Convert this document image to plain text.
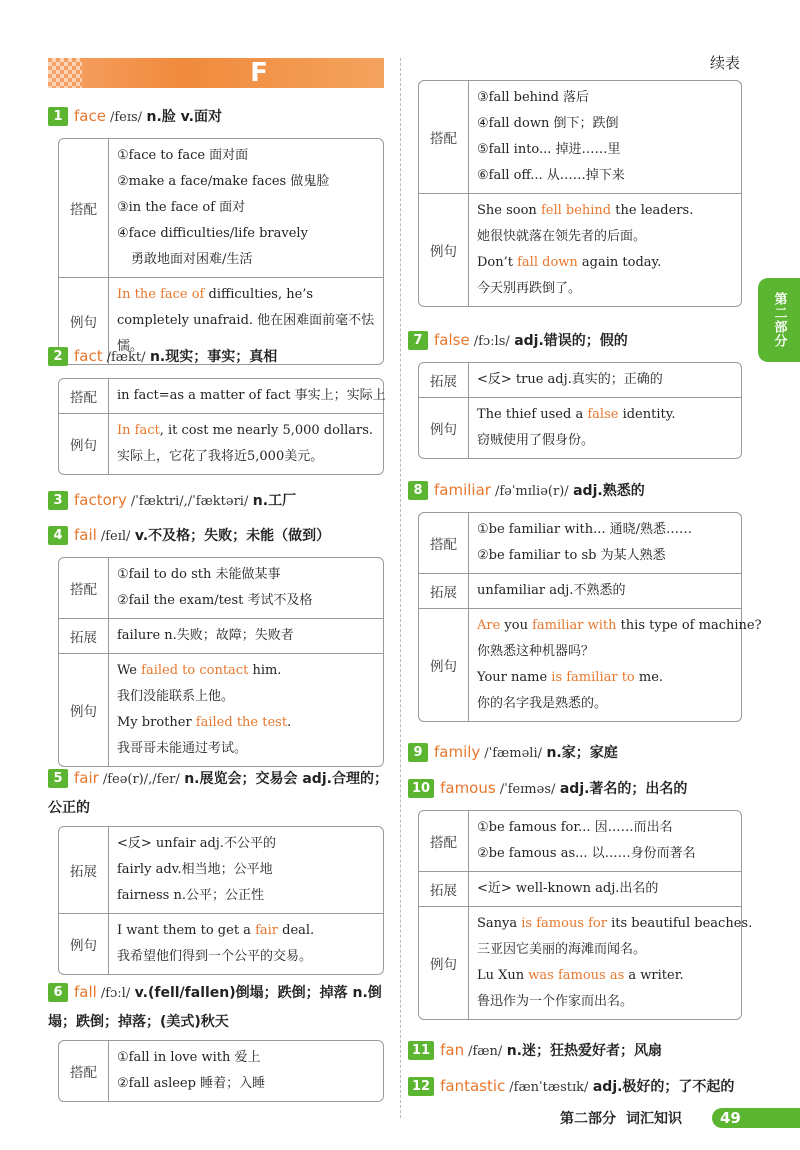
F
1 face /feɪs/ n.脸 v.面对
搭配
①face to face 面对面
②make a face/make faces 做鬼脸
③in the face of 面对
④face difficulties/life bravely
勇敢地面对困难/生活
例句
In the face of difficulties, he’s completely unafraid. 他在困难面前毫不怯懦。
2 fact /fækt/ n.现实；事实；真相
搭配	in fact=as a matter of fact 事实上；实际上
例句
In fact, it cost me nearly 5,000 dollars.
实际上，它花了我将近5,000美元。
3 factory /ˈfæktri/,/ˈfæktəri/ n.工厂
4 fail /feɪl/ v.不及格；失败；未能（做到）
搭配
①fail to do sth 未能做某事
②fail the exam/test 考试不及格
拓展	failure n.失败；故障；失败者
例句
We failed to contact him.
我们没能联系上他。
My brother failed the test.
我哥哥未能通过考试。
5 fair /feə(r)/,/fer/ n.展览会；交易会 adj.合理的；公正的
拓展
<反> unfair adj.不公平的
fairly adv.相当地；公平地
fairness n.公平；公正性
例句
I want them to get a fair deal.
我希望他们得到一个公平的交易。
6 fall /fɔːl/ v.(fell/fallen)倒塌；跌倒；掉落 n.倒塌；跌倒；掉落；(美式)秋天
搭配
①fall in love with 爱上
②fall asleep 睡着；入睡
续表
搭配
③fall behind 落后
④fall down 倒下；跌倒
⑤fall into... 掉进……里
⑥fall off... 从……掉下来
例句
She soon fell behind the leaders.
她很快就落在领先者的后面。
Don’t fall down again today.
今天别再跌倒了。
7 false /fɔːls/ adj.错误的；假的
拓展	<反> true adj.真实的；正确的
例句
The thief used a false identity.
窃贼使用了假身份。
8 familiar /fəˈmɪliə(r)/ adj.熟悉的
搭配
①be familiar with... 通晓/熟悉……
②be familiar to sb 为某人熟悉
拓展	unfamiliar adj.不熟悉的
例句
Are you familiar with this type of machine?
你熟悉这种机器吗？
Your name is familiar to me.
你的名字我是熟悉的。
9 family /ˈfæməli/ n.家；家庭
10 famous /ˈfeɪməs/ adj.著名的；出名的
搭配
①be famous for... 因……而出名
②be famous as... 以……身份而著名
拓展	<近> well-known adj.出名的
例句
Sanya is famous for its beautiful beaches.
三亚因它美丽的海滩而闻名。
Lu Xun was famous as a writer.
鲁迅作为一个作家而出名。
11 fan /fæn/ n.迷；狂热爱好者；风扇
12 fantastic /fænˈtæstɪk/ adj.极好的；了不起的
第二部分
第二部分 词汇知识	49
